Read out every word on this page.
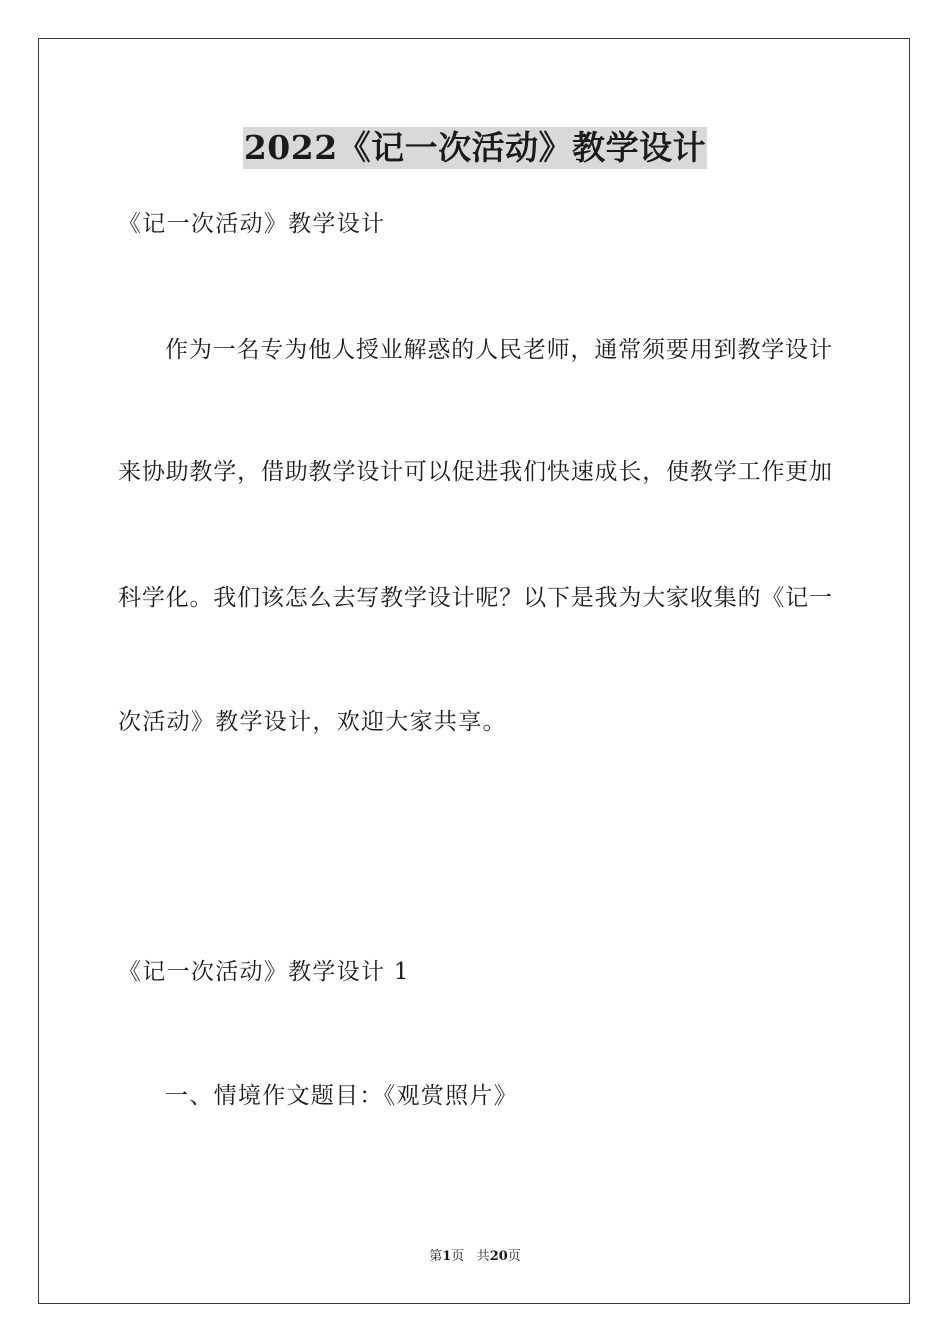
2022《记一次活动》教学设计
《记一次活动》教学设计
作为一名专为他人授业解惑的人民老师，通常须要用到教学设计
来协助教学，借助教学设计可以促进我们快速成长，使教学工作更加
科学化。我们该怎么去写教学设计呢？以下是我为大家收集的《记一
次活动》教学设计，欢迎大家共享。
《记一次活动》教学设计 1
一、情境作文题目：《观赏照片》
第1页 共20页
